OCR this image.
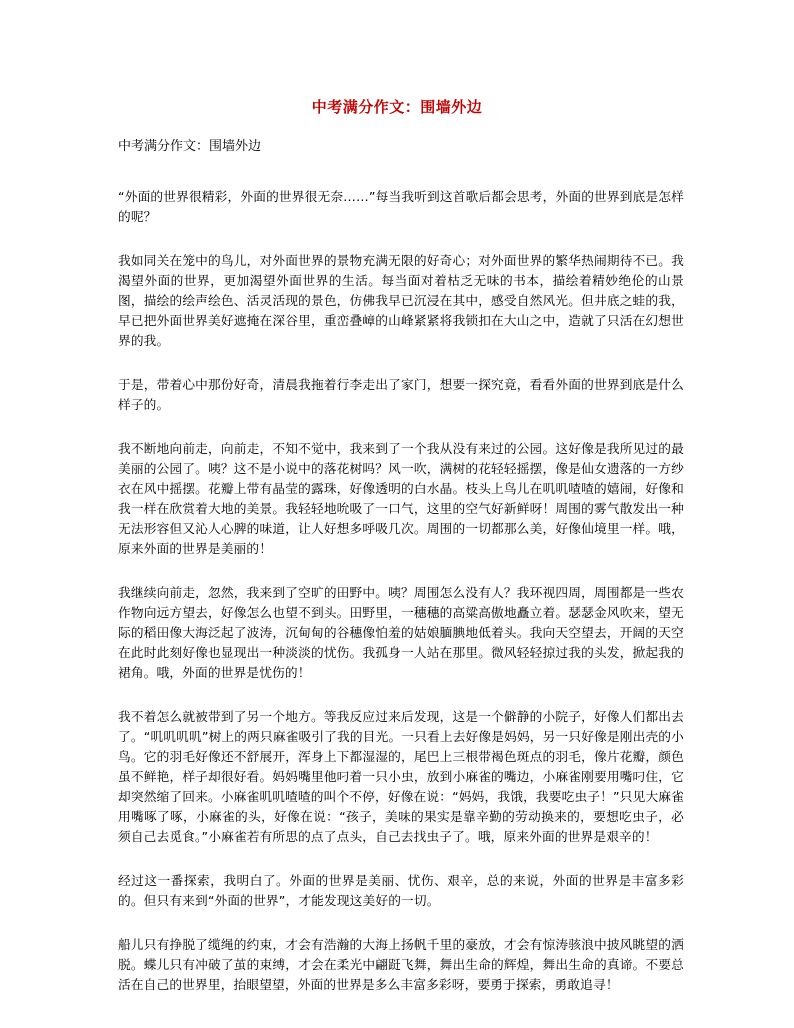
中考满分作文：围墙外边
中考满分作文：围墙外边

“外面的世界很精彩，外面的世界很无奈……”每当我听到这首歌后都会思考，外面的世界到底是怎样的呢？

我如同关在笼中的鸟儿，对外面世界的景物充满无限的好奇心；对外面世界的繁华热闹期待不已。我渴望外面的世界，更加渴望外面世界的生活。每当面对着枯乏无味的书本，描绘着精妙绝伦的山景图，描绘的绘声绘色、活灵活现的景色，仿佛我早已沉浸在其中，感受自然风光。但井底之蛙的我，早已把外面世界美好遮掩在深谷里，重峦叠嶂的山峰紧紧将我锁扣在大山之中，造就了只活在幻想世界的我。

于是，带着心中那份好奇，清晨我拖着行李走出了家门，想要一探究竟，看看外面的世界到底是什么样子的。

我不断地向前走，向前走，不知不觉中，我来到了一个我从没有来过的公园。这好像是我所见过的最美丽的公园了。咦？这不是小说中的落花树吗？风一吹，满树的花轻轻摇摆，像是仙女遗落的一方纱衣在风中摇摆。花瓣上带有晶莹的露珠，好像透明的白水晶。枝头上鸟儿在叽叽喳喳的嬉闹，好像和我一样在欣赏着大地的美景。我轻轻地吮吸了一口气，这里的空气好新鲜呀！周围的雾气散发出一种无法形容但又沁人心脾的味道，让人好想多呼吸几次。周围的一切都那么美，好像仙境里一样。哦，原来外面的世界是美丽的！

我继续向前走，忽然，我来到了空旷的田野中。咦？周围怎么没有人？我环视四周，周围都是一些农作物向远方望去，好像怎么也望不到头。田野里，一穗穗的高粱高傲地矗立着。瑟瑟金风吹来，望无际的稻田像大海泛起了波涛，沉甸甸的谷穗像怕羞的姑娘腼腆地低着头。我向天空望去，开阔的天空在此时此刻好像也显现出一种淡淡的忧伤。我孤身一人站在那里。微风轻轻掠过我的头发，掀起我的裙角。哦，外面的世界是忧伤的！

我不着怎么就被带到了另一个地方。等我反应过来后发现，这是一个僻静的小院子，好像人们都出去了。“叽叽叽叽”树上的两只麻雀吸引了我的目光。一只看上去好像是妈妈，另一只好像是刚出壳的小鸟。它的羽毛好像还不舒展开，浑身上下都湿湿的，尾巴上三根带褐色斑点的羽毛，像片花瓣，颜色虽不鲜艳，样子却很好看。妈妈嘴里他叼着一只小虫，放到小麻雀的嘴边，小麻雀刚要用嘴叼住，它却突然缩了回来。小麻雀叽叽喳喳的叫个不停，好像在说：“妈妈，我饿，我要吃虫子！”只见大麻雀用嘴啄了啄，小麻雀的头，好像在说：“孩子，美味的果实是靠辛勤的劳动换来的，要想吃虫子，必须自己去觅食。”小麻雀若有所思的点了点头，自己去找虫子了。哦，原来外面的世界是艰辛的！

经过这一番探索，我明白了。外面的世界是美丽、忧伤、艰辛，总的来说，外面的世界是丰富多彩的。但只有来到“外面的世界”，才能发现这美好的一切。

船儿只有挣脱了缆绳的约束，才会有浩瀚的大海上扬帆千里的豪放，才会有惊涛骇浪中披风眺望的洒脱。蝶儿只有冲破了茧的束缚，才会在柔光中翩跹飞舞，舞出生命的辉煌，舞出生命的真谛。不要总活在自己的世界里，抬眼望望，外面的世界是多么丰富多彩呀，要勇于探索，勇敢追寻！
